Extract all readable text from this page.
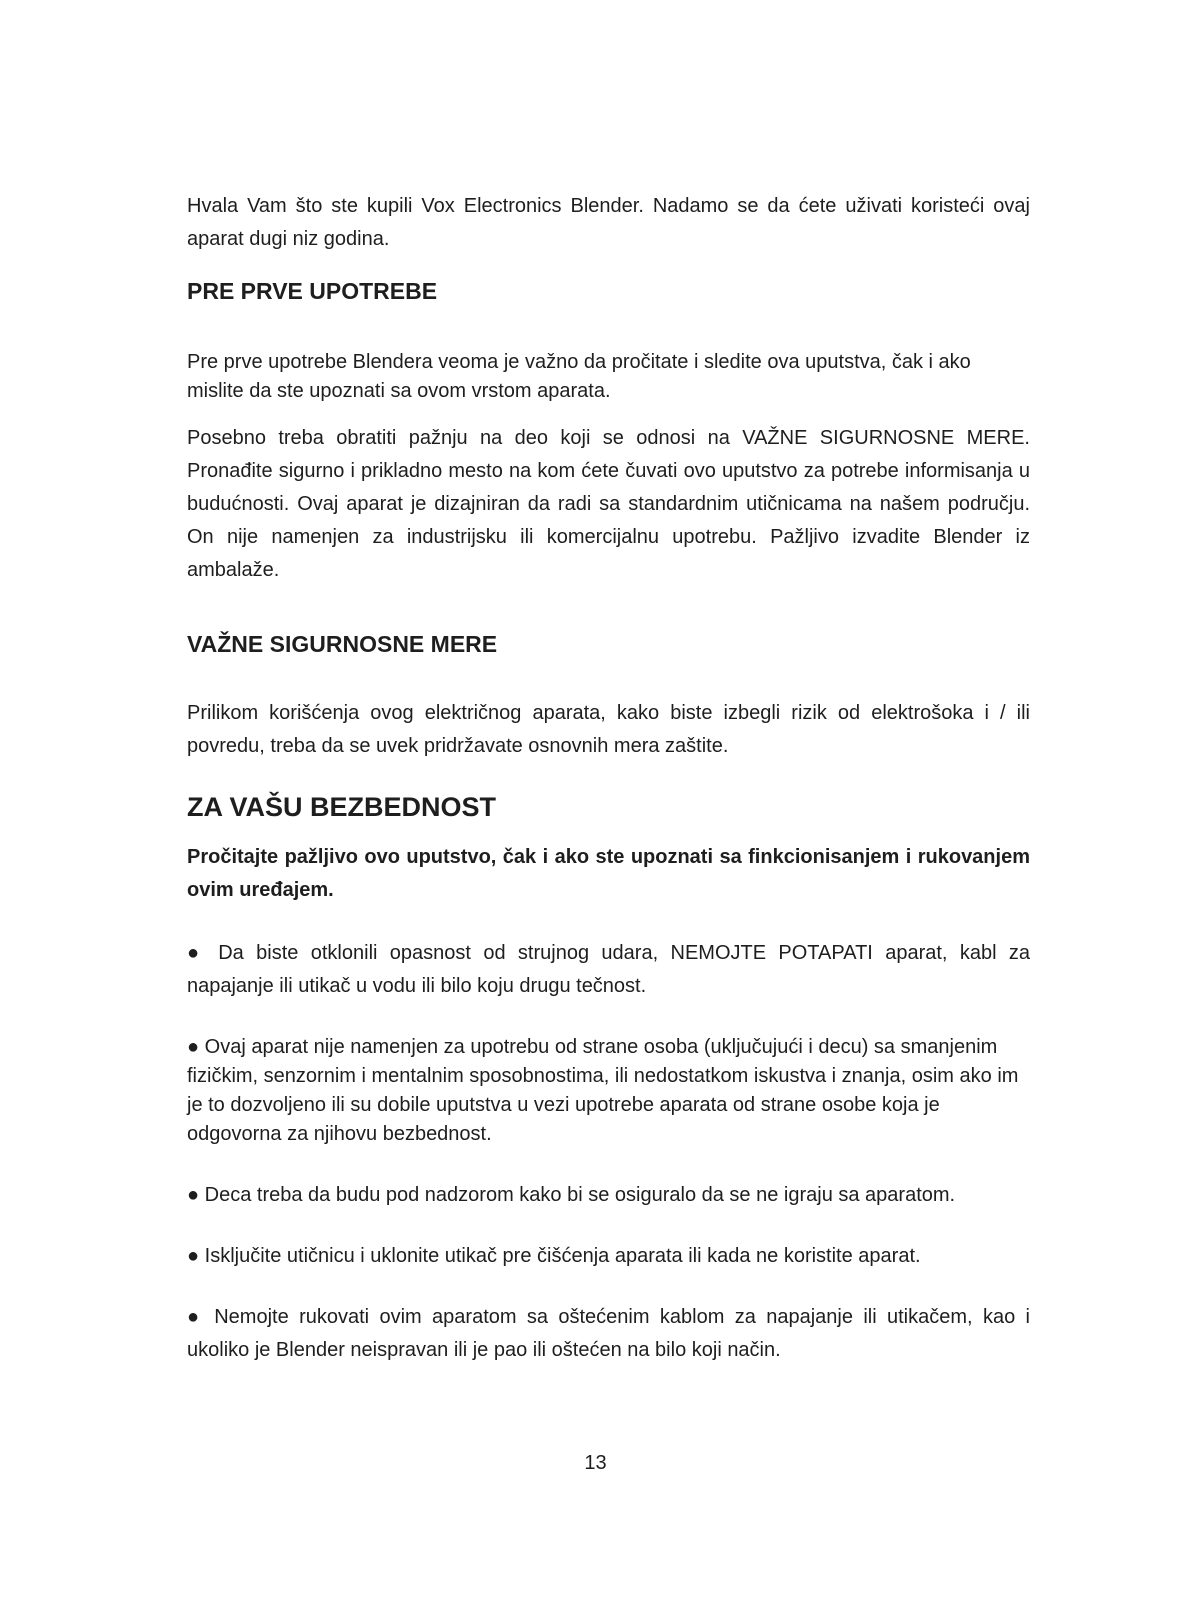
Hvala Vam što ste kupili Vox Electronics Blender. Nadamo se da ćete uživati koristeći ovaj aparat dugi niz godina.

PRE PRVE UPOTREBE

Pre prve upotrebe Blendera veoma je važno da pročitate i sledite ova uputstva, čak i ako mislite da ste upoznati sa ovom vrstom aparata.

Posebno treba obratiti pažnju na deo koji se odnosi na VAŽNE SIGURNOSNE MERE. Pronađite sigurno i prikladno mesto na kom ćete čuvati ovo uputstvo za potrebe informisanja u budućnosti. Ovaj aparat je dizajniran da radi sa standardnim utičnicama na našem području. On nije namenjen za industrijsku ili komercijalnu upotrebu. Pažljivo izvadite Blender iz ambalaže.

VAŽNE SIGURNOSNE MERE

Prilikom korišćenja ovog električnog aparata, kako biste izbegli rizik od elektrošoka i / ili povredu, treba da se uvek pridržavate osnovnih mera zaštite.

ZA VAŠU BEZBEDNOST

Pročitajte pažljivo ovo uputstvo, čak i ako ste upoznati sa finkcionisanjem i rukovanjem ovim uređajem.

● Da biste otklonili opasnost od strujnog udara, NEMOJTE POTAPATI aparat, kabl za napajanje ili utikač u vodu ili bilo koju drugu tečnost.

● Ovaj aparat nije namenjen za upotrebu od strane osoba (uključujući i decu) sa smanjenim fizičkim, senzornim i mentalnim sposobnostima, ili nedostatkom iskustva i znanja, osim ako im je to dozvoljeno ili su dobile uputstva u vezi upotrebe aparata od strane osobe koja je odgovorna za njihovu bezbednost.

● Deca treba da budu pod nadzorom kako bi se osiguralo da se ne igraju sa aparatom.

● Isključite utičnicu i uklonite utikač pre čišćenja aparata ili kada ne koristite aparat.

● Nemojte rukovati ovim aparatom sa oštećenim kablom za napajanje ili utikačem, kao i ukoliko je Blender neispravan ili je pao ili oštećen na bilo koji način.

13
